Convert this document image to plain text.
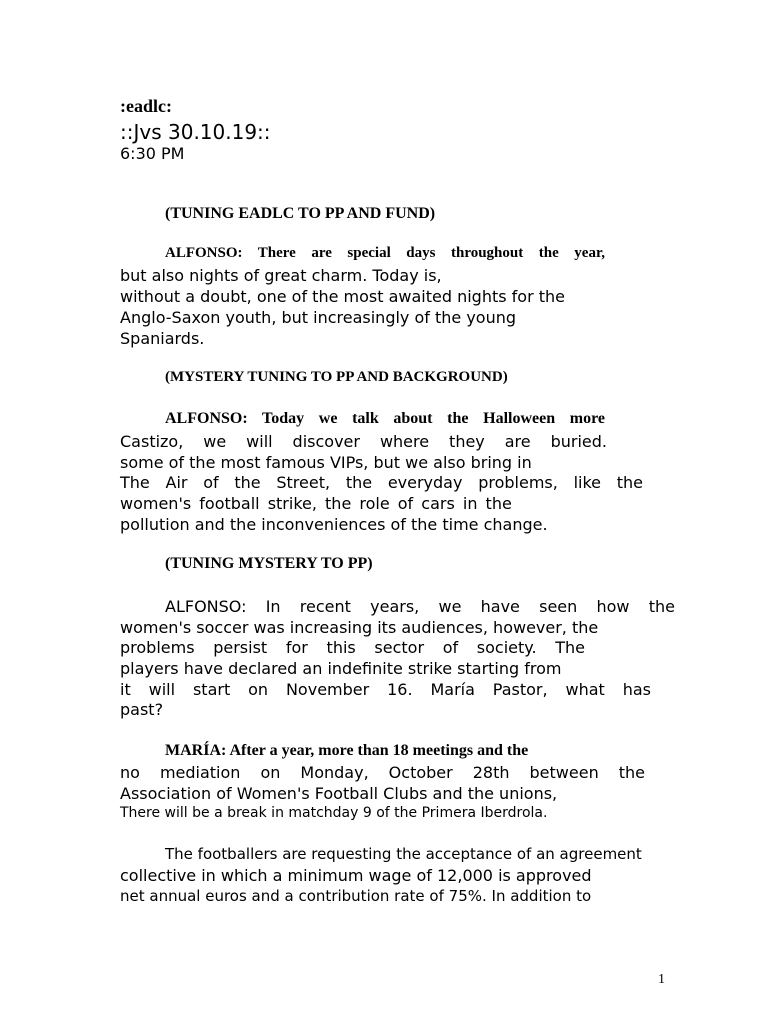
:eadlc:
::Jvs 30.10.19::
6:30 PM
(TUNING EADLC TO PP AND FUND)
ALFONSO: There are special days throughout the year,
but also nights of great charm. Today is,
without a doubt, one of the most awaited nights for the
Anglo-Saxon youth, but increasingly of the young
Spaniards.
(MYSTERY TUNING TO PP AND BACKGROUND)
ALFONSO: Today we talk about the Halloween more
Castizo, we will discover where they are buried.
some of the most famous VIPs, but we also bring in
The Air of the Street, the everyday problems, like the
women's football strike, the role of cars in the
pollution and the inconveniences of the time change.
(TUNING MYSTERY TO PP)
ALFONSO: In recent years, we have seen how the
women's soccer was increasing its audiences, however, the
problems persist for this sector of society. The
players have declared an indefinite strike starting from
it will start on November 16. María Pastor, what has
past?
MARÍA: After a year, more than 18 meetings and the
no mediation on Monday, October 28th between the
Association of Women's Football Clubs and the unions,
There will be a break in matchday 9 of the Primera Iberdrola.
The footballers are requesting the acceptance of an agreement
collective in which a minimum wage of 12,000 is approved
net annual euros and a contribution rate of 75%. In addition to
1
